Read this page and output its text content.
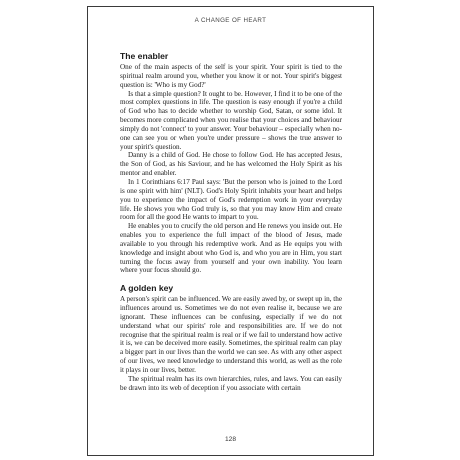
A CHANGE OF HEART
The enabler

One of the main aspects of the self is your spirit. Your spirit is tied to the spiritual realm around you, whether you know it or not. Your spirit's biggest question is: 'Who is my God?'

Is that a simple question? It ought to be. However, I find it to be one of the most complex questions in life. The question is easy enough if you're a child of God who has to decide whether to worship God, Satan, or some idol. It becomes more complicated when you realise that your choices and behaviour simply do not 'connect' to your answer. Your behaviour – especially when no-one can see you or when you're under pressure – shows the true answer to your spirit's question.

Danny is a child of God. He chose to follow God. He has accepted Jesus, the Son of God, as his Saviour, and he has welcomed the Holy Spirit as his mentor and enabler.

In 1 Corinthians 6:17 Paul says: 'But the person who is joined to the Lord is one spirit with him' (NLT). God's Holy Spirit inhabits your heart and helps you to experience the impact of God's redemption work in your everyday life. He shows you who God truly is, so that you may know Him and create room for all the good He wants to impart to you.

He enables you to crucify the old person and He renews you inside out. He enables you to experience the full impact of the blood of Jesus, made available to you through his redemptive work. And as He equips you with knowledge and insight about who God is, and who you are in Him, you start turning the focus away from yourself and your own inability. You learn where your focus should go.

A golden key

A person's spirit can be influenced. We are easily awed by, or swept up in, the influences around us. Sometimes we do not even realise it, because we are ignorant. These influences can be confusing, especially if we do not understand what our spirits' role and responsibilities are. If we do not recognise that the spiritual realm is real or if we fail to understand how active it is, we can be deceived more easily. Sometimes, the spiritual realm can play a bigger part in our lives than the world we can see. As with any other aspect of our lives, we need knowledge to understand this world, as well as the role it plays in our lives, better.

The spiritual realm has its own hierarchies, rules, and laws. You can easily be drawn into its web of deception if you associate with certain

128
